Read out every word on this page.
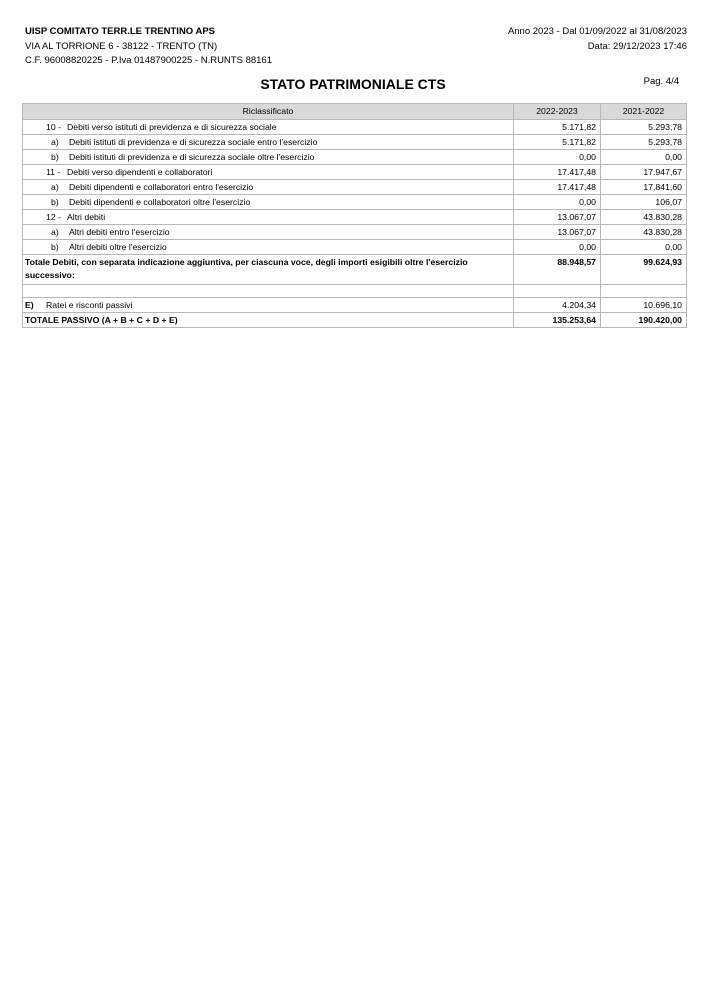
UISP COMITATO TERR.LE TRENTINO APS
VIA AL TORRIONE 6 - 38122 - TRENTO (TN)
C.F. 96008820225 - P.Iva 01487900225 - N.RUNTS 88161
Anno 2023 - Dal 01/09/2022 al 31/08/2023
Data: 29/12/2023 17:46
STATO PATRIMONIALE CTS	Pag. 4/4
Riclassificato	2022-2023	2021-2022
10 - Debiti verso istituti di previdenza e di sicurezza sociale	5.171,82	5.293,78
a) Debiti istituti di previdenza e di sicurezza sociale entro l'esercizio	5.171,82	5.293,78
b) Debiti istituti di previdenza e di sicurezza sociale oltre l'esercizio	0,00	0,00
11 - Debiti verso dipendenti e collaboratori	17.417,48	17.947,67
a) Debiti dipendenti e collaboratori entro l'esercizio	17.417,48	17.841,60
b) Debiti dipendenti e collaboratori oltre l'esercizio	0,00	106,07
12 - Altri debiti	13.067,07	43.830,28
a) Altri debiti entro l'esercizio	13.067,07	43.830,28
b) Altri debiti oltre l'esercizio	0,00	0,00
Totale Debiti, con separata indicazione aggiuntiva, per ciascuna voce, degli importi esigibili oltre l'esercizio successivo:	88.948,57	99.624,93

E) Ratei e risconti passivi	4.204,34	10.696,10
TOTALE PASSIVO (A + B + C + D + E)	135.253,64	190.420,00
